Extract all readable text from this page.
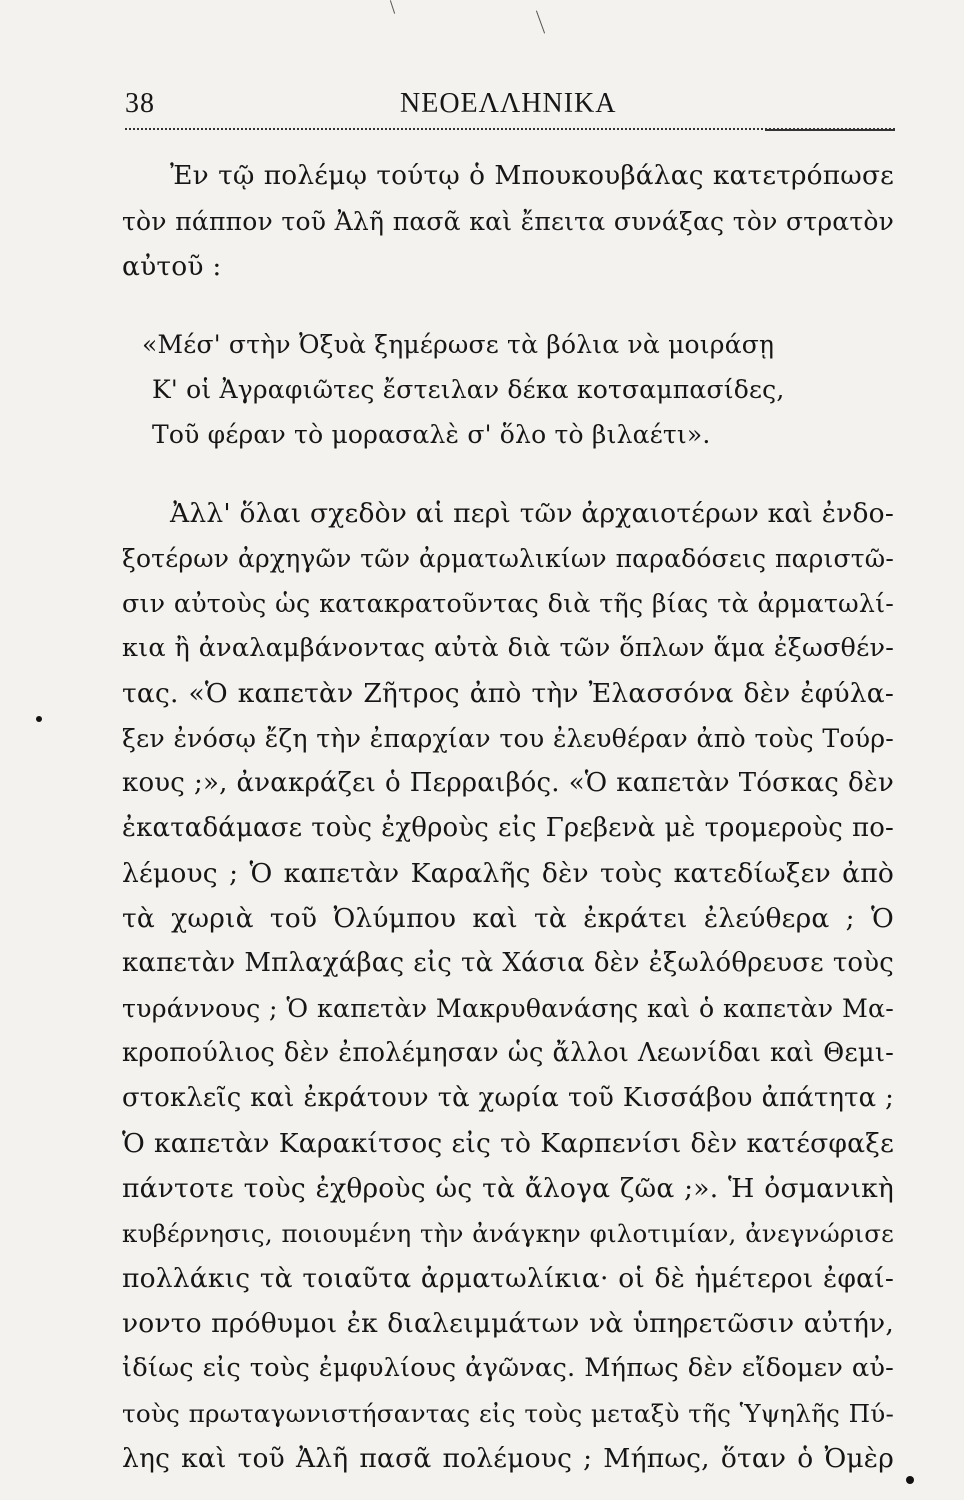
38	ΝΕΟΕΛΛΗΝΙΚΑ
Ἐν τῷ πολέμῳ τούτῳ ὁ Μπουκουβάλας κατετρόπωσε
τὸν πάππον τοῦ Ἀλῆ πασᾶ καὶ ἔπειτα συνάξας τὸν στρατὸν
αὐτοῦ :
«Μέσ' στὴν Ὀξυὰ ξημέρωσε τὰ βόλια νὰ μοιράσῃ
Κ' οἱ Ἀγραφιῶτες ἔστειλαν δέκα κοτσαμπασίδες,
Τοῦ φέραν τὸ μορασαλὲ σ' ὅλο τὸ βιλαέτι».
Ἀλλ' ὅλαι σχεδὸν αἱ περὶ τῶν ἀρχαιοτέρων καὶ ἐνδο-
ξοτέρων ἀρχηγῶν τῶν ἀρματωλικίων παραδόσεις παριστῶ-
σιν αὐτοὺς ὡς κατακρατοῦντας διὰ τῆς βίας τὰ ἀρματωλί-
κια ἢ ἀναλαμβάνοντας αὐτὰ διὰ τῶν ὅπλων ἅμα ἐξωσθέν-
τας. «Ὁ καπετὰν Ζῆτρος ἀπὸ τὴν Ἐλασσόνα δὲν ἐφύλα-
ξεν ἐνόσῳ ἔζη τὴν ἐπαρχίαν του ἐλευθέραν ἀπὸ τοὺς Τούρ-
κους ;», ἀνακράζει ὁ Περραιβός. «Ὁ καπετὰν Τόσκας δὲν
ἐκαταδάμασε τοὺς ἐχθροὺς εἰς Γρεβενὰ μὲ τρομεροὺς πο-
λέμους ; Ὁ καπετὰν Καραλῆς δὲν τοὺς κατεδίωξεν ἀπὸ
τὰ χωριὰ τοῦ Ὀλύμπου καὶ τὰ ἐκράτει ἐλεύθερα ; Ὁ
καπετὰν Μπλαχάβας εἰς τὰ Χάσια δὲν ἐξωλόθρευσε τοὺς
τυράννους ; Ὁ καπετὰν Μακρυθανάσης καὶ ὁ καπετὰν Μα-
κροπούλιος δὲν ἐπολέμησαν ὡς ἄλλοι Λεωνίδαι καὶ Θεμι-
στοκλεῖς καὶ ἐκράτουν τὰ χωρία τοῦ Κισσάβου ἀπάτητα ;
Ὁ καπετὰν Καρακίτσος εἰς τὸ Καρπενίσι δὲν κατέσφαξε
πάντοτε τοὺς ἐχθροὺς ὡς τὰ ἄλογα ζῶα ;». Ἡ ὀσμανικὴ
κυβέρνησις, ποιουμένη τὴν ἀνάγκην φιλοτιμίαν, ἀνεγνώρισε
πολλάκις τὰ τοιαῦτα ἀρματωλίκια· οἱ δὲ ἡμέτεροι ἐφαί-
νοντο πρόθυμοι ἐκ διαλειμμάτων νὰ ὑπηρετῶσιν αὐτήν,
ἰδίως εἰς τοὺς ἐμφυλίους ἀγῶνας. Μήπως δὲν εἴδομεν αὐ-
τοὺς πρωταγωνιστήσαντας εἰς τοὺς μεταξὺ τῆς Ὑψηλῆς Πύ-
λης καὶ τοῦ Ἀλῆ πασᾶ πολέμους ; Μήπως, ὅταν ὁ Ὀμὲρ
